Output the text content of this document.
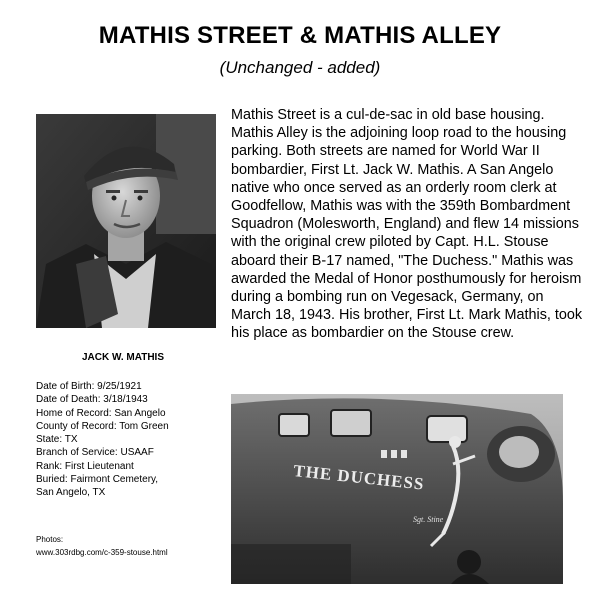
MATHIS STREET & MATHIS ALLEY
(Unchanged - added)
JACK W. MATHIS
Date of Birth: 9/25/1921
Date of Death: 3/18/1943
Home of Record: San Angelo
County of Record: Tom Green
State: TX
Branch of Service: USAAF
Rank: First Lieutenant
Buried: Fairmont Cemetery,
San Angelo, TX
Photos:
www.303rdbg.com/c-359-stouse.html
Mathis Street is a cul-de-sac in old base housing. Mathis Alley is the adjoining loop road to the housing parking. Both streets are named for World War II bombardier, First Lt. Jack W. Mathis. A San Angelo native who once served as an orderly room clerk at Goodfellow, Mathis was with the 359th Bombardment Squadron (Molesworth, England) and flew 14 missions with the original crew piloted by Capt. H.L. Stouse aboard their B-17 named, "The Duchess." Mathis was awarded the Medal of Honor posthumously for heroism during a bombing run on Vegesack, Germany, on March 18, 1943. His brother, First Lt. Mark Mathis, took his place as bombardier on the Stouse crew.
THE DUCHESS
Sgt. Stine
